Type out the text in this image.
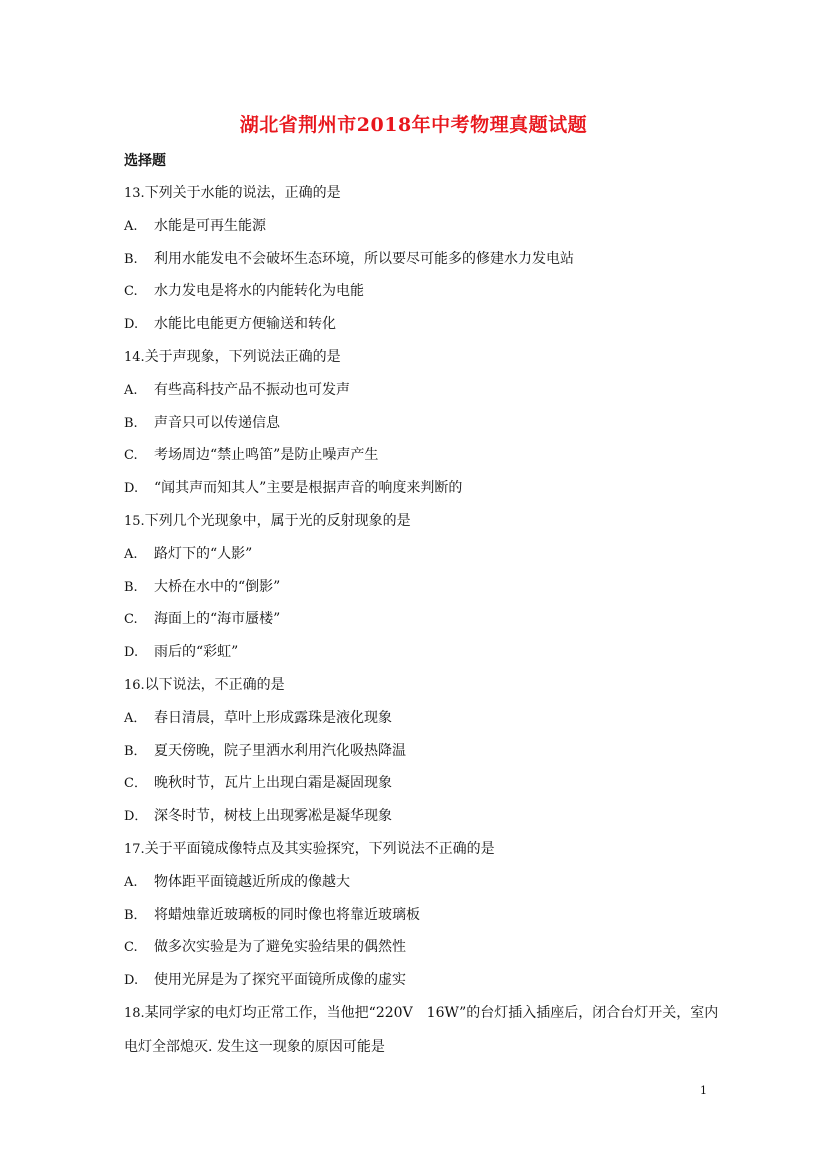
湖北省荆州市2018年中考物理真题试题
选择题
13.下列关于水能的说法，正确的是
A. 水能是可再生能源
B. 利用水能发电不会破坏生态环境，所以要尽可能多的修建水力发电站
C. 水力发电是将水的内能转化为电能
D. 水能比电能更方便输送和转化
14.关于声现象，下列说法正确的是
A. 有些高科技产品不振动也可发声
B. 声音只可以传递信息
C. 考场周边“禁止鸣笛”是防止噪声产生
D. “闻其声而知其人”主要是根据声音的响度来判断的
15.下列几个光现象中，属于光的反射现象的是
A. 路灯下的“人影”
B. 大桥在水中的“倒影”
C. 海面上的“海市蜃楼”
D. 雨后的“彩虹”
16.以下说法，不正确的是
A． 春日清晨，草叶上形成露珠是液化现象
B． 夏天傍晚，院子里洒水利用汽化吸热降温
C． 晚秋时节，瓦片上出现白霜是凝固现象
D． 深冬时节，树枝上出现雾凇是凝华现象
17.关于平面镜成像特点及其实验探究，下列说法不正确的是
A. 物体距平面镜越近所成的像越大
B． 将蜡烛靠近玻璃板的同时像也将靠近玻璃板
C. 做多次实验是为了避免实验结果的偶然性
D. 使用光屏是为了探究平面镜所成像的虚实
18.某同学家的电灯均正常工作，当他把“220V　16W”的台灯插入插座后，闭合台灯开关，室内电灯全部熄灭. 发生这一现象的原因可能是
1
